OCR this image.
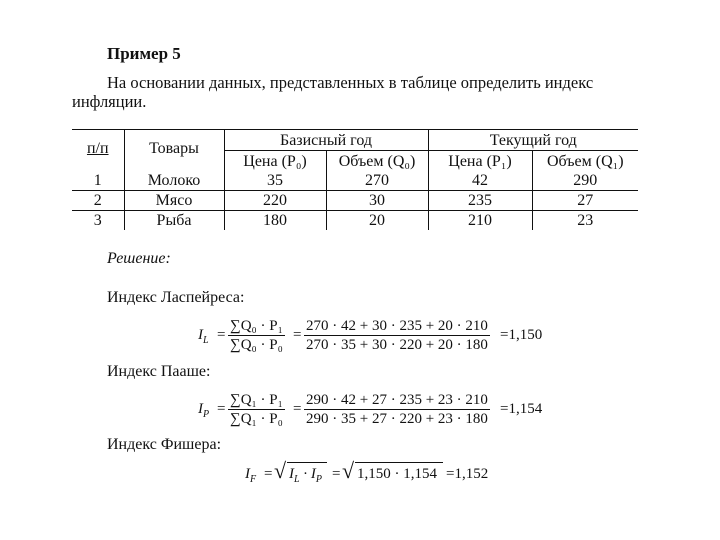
Пример 5
На основании данных, представленных в таблице определить индекс
инфляции.
		Базисный год		Текущий год	
п/п	Товары	Цена (P₀)	Объем (Q₀)	Цена (P₁)	Объем (Q₁)
1	Молоко	35	270	42	290
2	Мясо	220	30	235	27
3	Рыба	180	20	210	23
Решение:
Индекс Ласпейреса:
$I_L = \frac{\text{∑Q₀ · P₁}}{\text{∑Q₀ · P₀}} = \frac{270 \cdot 42 + 30 \cdot 235 + 20 \cdot 210}{270 \cdot 35 + 30 \cdot 220 + 20 \cdot 180} =1,150$
Индекс Пааше:
$I_P = \frac{\text{∑Q₁ · P₁}}{\text{∑Q₁ · P₀}} = \frac{290 \cdot 42 + 27 \cdot 235 + 23 \cdot 210}{290 \cdot 35 + 27 \cdot 220 + 23 \cdot 180} =1,154$
Индекс Фишера:
$I_F$ = √ $I_L \cdot I_P$ = √ 1,150 · 1,154 =1,152
